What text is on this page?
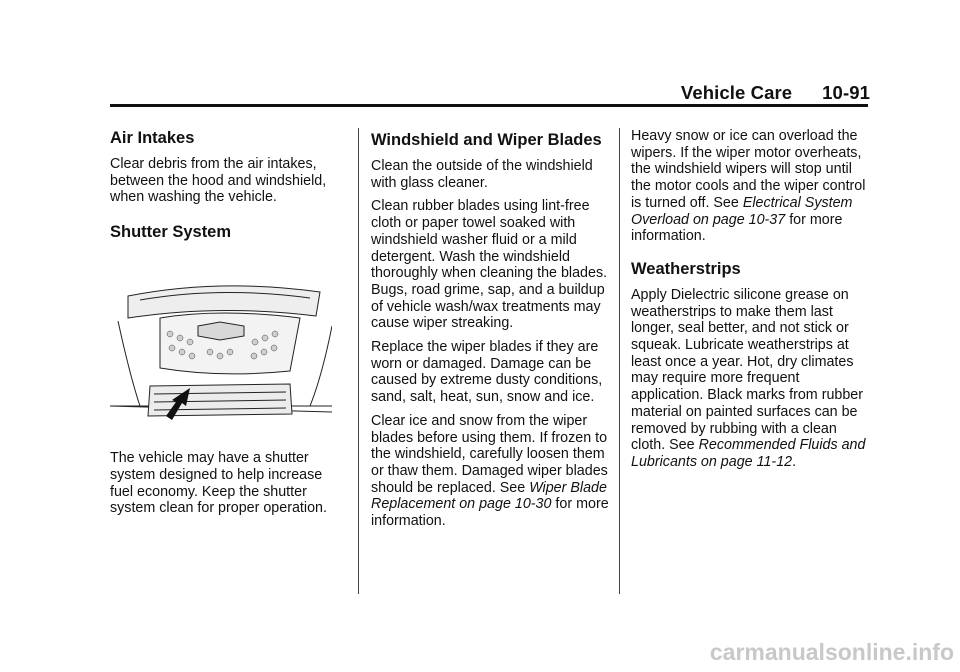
Vehicle Care 10-91
Air Intakes

Clear debris from the air intakes, between the hood and windshield, when washing the vehicle.

Shutter System

The vehicle may have a shutter system designed to help increase fuel economy. Keep the shutter system clean for proper operation.

Windshield and Wiper Blades

Clean the outside of the windshield with glass cleaner.

Clean rubber blades using lint-free cloth or paper towel soaked with windshield washer fluid or a mild detergent. Wash the windshield thoroughly when cleaning the blades. Bugs, road grime, sap, and a buildup of vehicle wash/wax treatments may cause wiper streaking.

Replace the wiper blades if they are worn or damaged. Damage can be caused by extreme dusty conditions, sand, salt, heat, sun, snow and ice.

Clear ice and snow from the wiper blades before using them. If frozen to the windshield, carefully loosen them or thaw them. Damaged wiper blades should be replaced. See Wiper Blade Replacement on page 10-30 for more information.

Heavy snow or ice can overload the wipers. If the wiper motor overheats, the windshield wipers will stop until the motor cools and the wiper control is turned off. See Electrical System Overload on page 10-37 for more information.

Weatherstrips

Apply Dielectric silicone grease on weatherstrips to make them last longer, seal better, and not stick or squeak. Lubricate weatherstrips at least once a year. Hot, dry climates may require more frequent application. Black marks from rubber material on painted surfaces can be removed by rubbing with a clean cloth. See Recommended Fluids and Lubricants on page 11-12.

carmanualsonline.info
